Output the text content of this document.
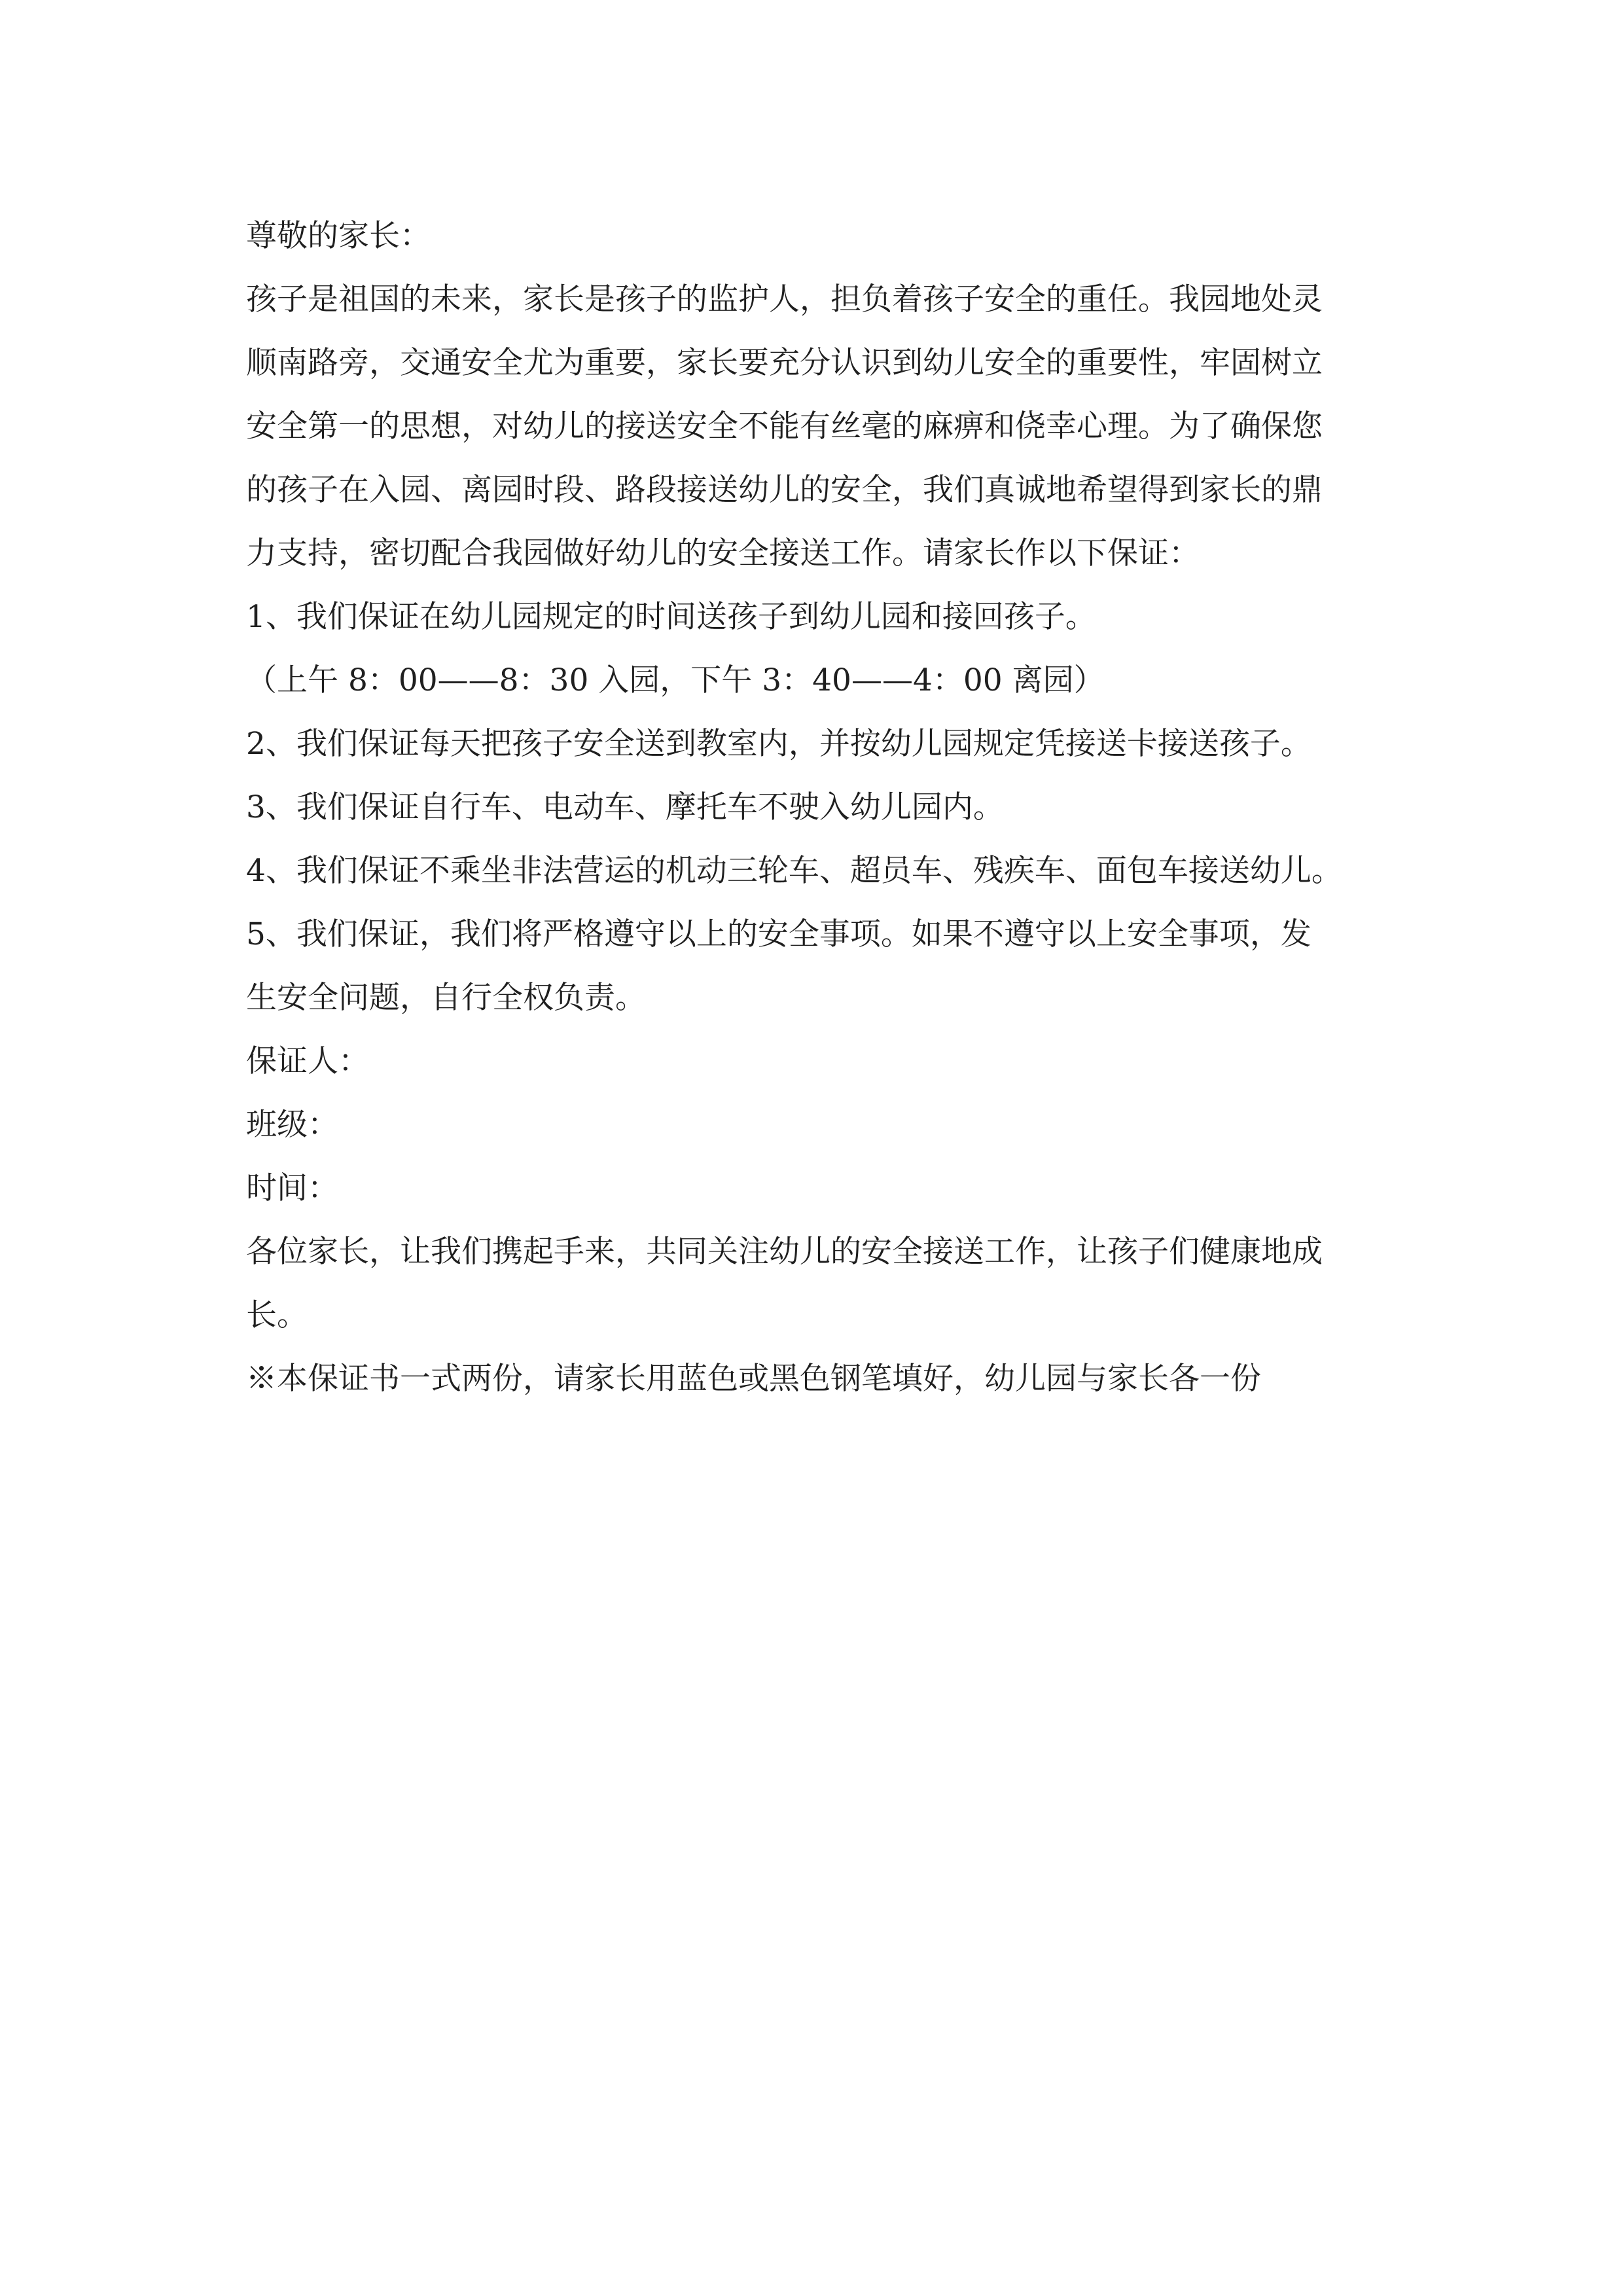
尊敬的家长：
孩子是祖国的未来，家长是孩子的监护人，担负着孩子安全的重任。我园地处灵
顺南路旁，交通安全尤为重要，家长要充分认识到幼儿安全的重要性，牢固树立
安全第一的思想，对幼儿的接送安全不能有丝毫的麻痹和侥幸心理。为了确保您
的孩子在入园、离园时段、路段接送幼儿的安全，我们真诚地希望得到家长的鼎
力支持，密切配合我园做好幼儿的安全接送工作。请家长作以下保证：
1、我们保证在幼儿园规定的时间送孩子到幼儿园和接回孩子。
（上午 8：00——8：30 入园，下午 3：40——4：00 离园）
2、我们保证每天把孩子安全送到教室内，并按幼儿园规定凭接送卡接送孩子。
3、我们保证自行车、电动车、摩托车不驶入幼儿园内。
4、我们保证不乘坐非法营运的机动三轮车、超员车、残疾车、面包车接送幼儿。
5、我们保证，我们将严格遵守以上的安全事项。如果不遵守以上安全事项，发
生安全问题，自行全权负责。
保证人：
班级：
时间：
各位家长，让我们携起手来，共同关注幼儿的安全接送工作，让孩子们健康地成
长。
※本保证书一式两份，请家长用蓝色或黑色钢笔填好，幼儿园与家长各一份
